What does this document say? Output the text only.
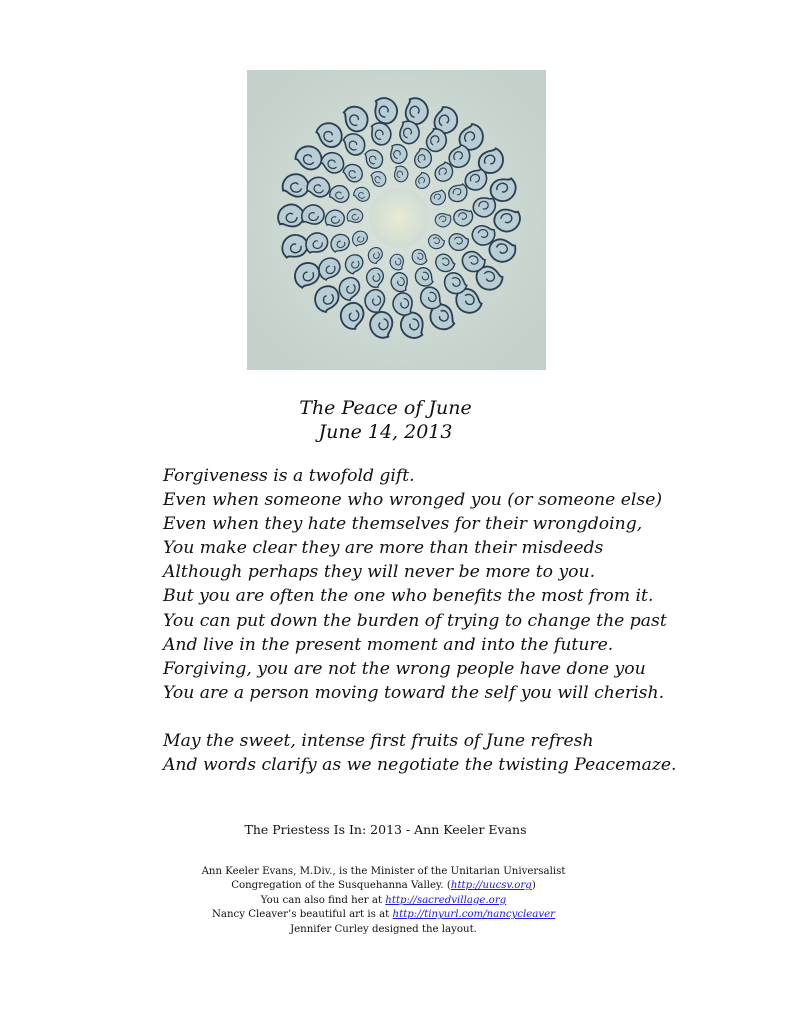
The Peace of June
June 14, 2013
Forgiveness is a twofold gift.
Even when someone who wronged you (or someone else)
Even when they hate themselves for their wrongdoing,
You make clear they are more than their misdeeds
Although perhaps they will never be more to you.
But you are often the one who benefits the most from it.
You can put down the burden of trying to change the past
And live in the present moment and into the future.
Forgiving, you are not the wrong people have done you
You are a person moving toward the self you will cherish.
May the sweet, intense first fruits of June refresh
And words clarify as we negotiate the twisting Peacemaze.
The Priestess Is In: 2013 - Ann Keeler Evans
Ann Keeler Evans, M.Div., is the Minister of the Unitarian Universalist
Congregation of the Susquehanna Valley. (http://uucsv.org)
You can also find her at http://sacredvillage.org
Nancy Cleaver’s beautiful art is at http://tinyurl.com/nancycleaver
Jennifer Curley designed the layout.
